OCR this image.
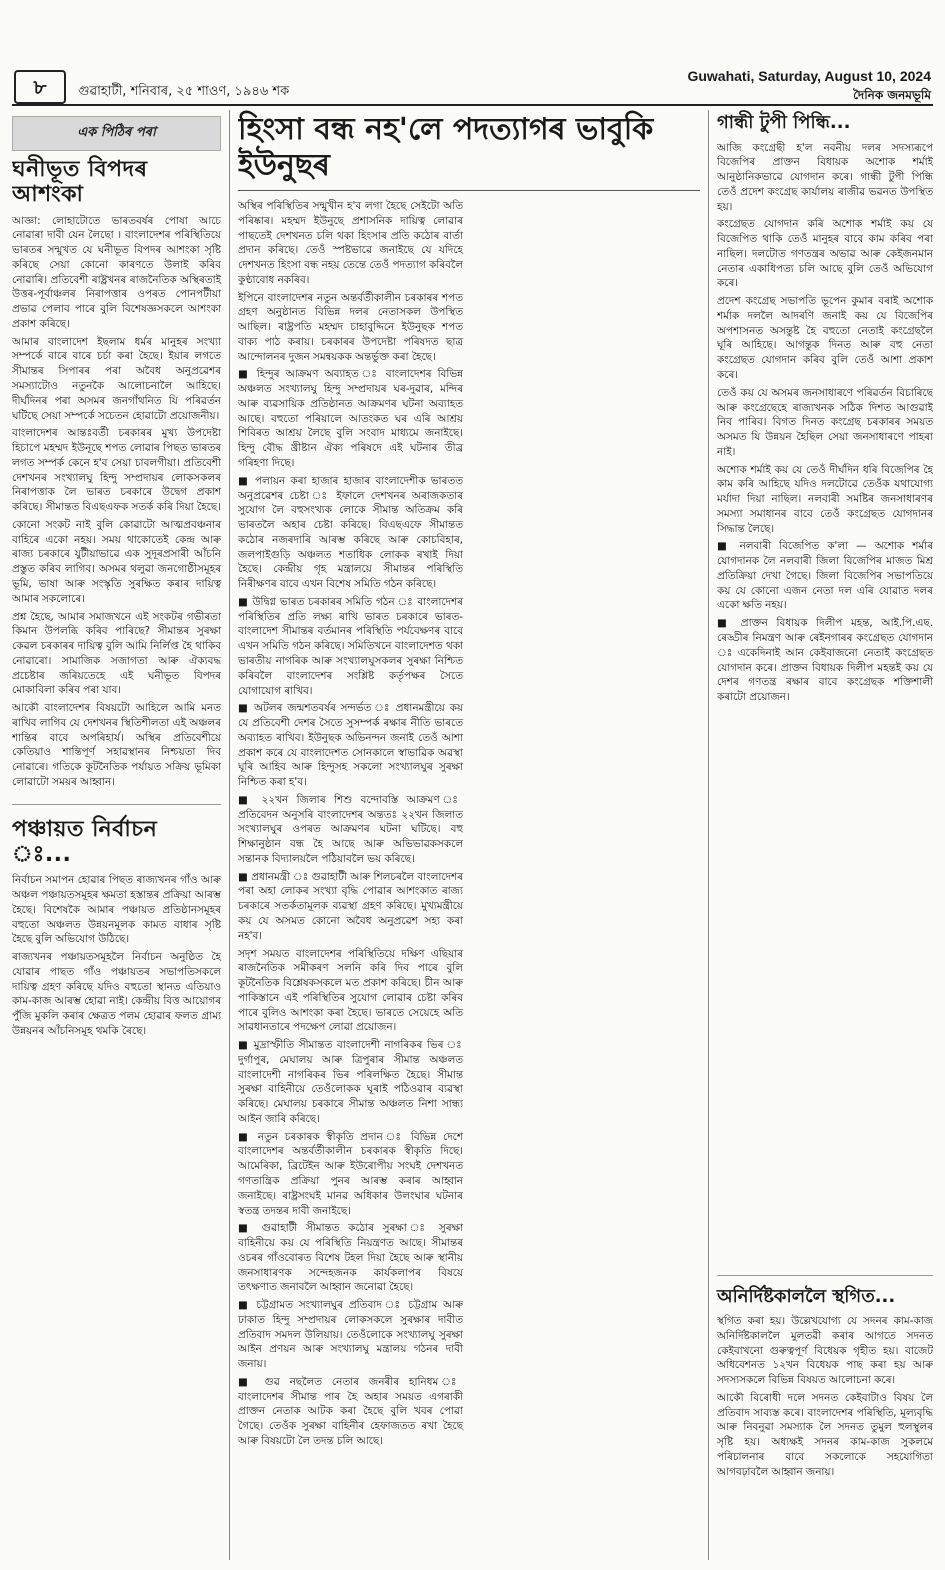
৮	গুৱাহাটী, শনিবাৰ, ২৫ শাওণ, ১৯৪৬ শক
Guwahati, Saturday, August 10, 2024
দৈনিক জনমভূমি
এক পিঠিৰ পৰা
ঘনীভূত বিপদৰ আশংকা

আজ্ঞা: লোহাটোতে ভাৰতবৰ্ষৰ পোষা আচে নোৱাৰা দাবী যেন লৈছো । বাংলাদেশৰ পৰিস্থিতিয়ে ভাৰতৰ সন্মুখত যে ঘনীভূত বিপদৰ আশংকা সৃষ্টি কৰিছে সেয়া কোনো কাৰণতে উলাই কৰিব নোৱাৰি। প্ৰতিবেশী ৰাষ্ট্ৰখনৰ ৰাজনৈতিক অস্থিৰতাই উত্তৰ-পূৰ্বাঞ্চলৰ নিৰাপত্তাৰ ওপৰত পোনপটীয়া প্ৰভাৱ পেলাব পাৰে বুলি বিশেষজ্ঞসকলে আশংকা প্ৰকাশ কৰিছে।

আমাৰ বাংলাদেশ ইছলাম ধৰ্মৰ মানুহৰ সংখ্যা সম্পৰ্কে বাৰে বাৰে চৰ্চা কৰা হৈছে। ইয়াৰ লগতে সীমান্তৰ সিপাৰৰ পৰা অবৈধ অনুপ্ৰৱেশৰ সমস্যাটোও নতুনকৈ আলোচনালৈ আহিছে। দীৰ্ঘদিনৰ পৰা অসমৰ জনগাঁথনিত যি পৰিৱৰ্তন ঘটিছে সেয়া সম্পৰ্কে সচেতন হোৱাটো প্ৰয়োজনীয়।

বাংলাদেশৰ আন্তঃবৰ্তী চৰকাৰৰ মুখ্য উপদেষ্টা হিচাপে মহম্মদ ইউনূছে শপত লোৱাৰ পিছত ভাৰতৰ লগত সম্পৰ্ক কেনে হ'ব সেয়া চাবলগীয়া। প্ৰতিবেশী দেশখনৰ সংখ্যালঘু হিন্দু সম্প্ৰদায়ৰ লোকসকলৰ নিৰাপত্তাক লৈ ভাৰত চৰকাৰে উদ্বেগ প্ৰকাশ কৰিছে। সীমান্তত বিএছএফক সতৰ্ক কৰি দিয়া হৈছে।

কোনো সংকট নাই বুলি কোৱাটো আত্মপ্ৰবঞ্চনাৰ বাহিৰে একো নহয়। সময় থাকোতেই কেন্দ্ৰ আৰু ৰাজ্য চৰকাৰে যুটীয়াভাৱে এক সুদূৰপ্ৰসাৰী আঁচনি প্ৰস্তুত কৰিব লাগিব। অসমৰ থলুৱা জনগোষ্ঠীসমূহৰ ভূমি, ভাষা আৰু সংস্কৃতি সুৰক্ষিত কৰাৰ দায়িত্ব আমাৰ সকলোৰে।

প্ৰশ্ন হৈছে, আমাৰ সমাজখনে এই সংকটৰ গভীৰতা কিমান উপলব্ধি কৰিব পাৰিছে? সীমান্তৰ সুৰক্ষা কেৱল চৰকাৰৰ দায়িত্ব বুলি আমি নিৰ্লিপ্ত হৈ থাকিব নোৱাৰো। সামাজিক সজাগতা আৰু ঐক্যবদ্ধ প্ৰচেষ্টাৰ জৰিয়তেহে এই ঘনীভূত বিপদৰ মোকাবিলা কৰিব পৰা যাব।

আকৌ বাংলাদেশৰ বিষয়টো আহিলে আমি মনত ৰাখিব লাগিব যে দেশখনৰ স্থিতিশীলতা এই অঞ্চলৰ শান্তিৰ বাবে অপৰিহাৰ্য। অস্থিৰ প্ৰতিবেশীয়ে কেতিয়াও শান্তিপূৰ্ণ সহাৱস্থানৰ নিশ্চয়তা দিব নোৱাৰে। গতিকে কূটনৈতিক পৰ্যায়ত সক্ৰিয় ভূমিকা লোৱাটো সময়ৰ আহ্বান।

পঞ্চায়ত নিৰ্বাচন ঃ...

নিৰ্বাচন সমাপন হোৱাৰ পিছত ৰাজ্যখনৰ গাঁও আৰু অঞ্চল পঞ্চায়তসমূহৰ ক্ষমতা হস্তান্তৰ প্ৰক্ৰিয়া আৰম্ভ হৈছে। বিশেষকৈ আমাৰ পঞ্চায়ত প্ৰতিষ্ঠানসমূহৰ বহুতো অঞ্চলত উন্নয়নমূলক কামত বাধাৰ সৃষ্টি হৈছে বুলি অভিযোগ উঠিছে।

ৰাজ্যখনৰ পঞ্চায়তসমূহলৈ নিৰ্বাচন অনুষ্ঠিত হৈ যোৱাৰ পাছত গাঁও পঞ্চায়তৰ সভাপতিসকলে দায়িত্ব গ্ৰহণ কৰিছে যদিও বহুতো স্থানত এতিয়াও কাম-কাজ আৰম্ভ হোৱা নাই। কেন্দ্ৰীয় বিত্ত আয়োগৰ পুঁজি মুকলি কৰাৰ ক্ষেত্ৰত পলম হোৱাৰ ফলত গ্ৰাম্য উন্নয়নৰ আঁচনিসমূহ থমকি ৰৈছে।

হিংসা বন্ধ নহ'লে পদত্যাগৰ ভাবুকি ইউনুছৰ

অস্থিৰ পৰিস্থিতিৰ সন্মুখীন হ'ব লগা হৈছে সেইটো অতি পৰিষ্কাৰ। মহম্মদ ইউনুছে প্ৰশাসনিক দায়িত্ব লোৱাৰ পাছতেই দেশখনত চলি থকা হিংসাৰ প্ৰতি কঠোৰ বাৰ্তা প্ৰদান কৰিছে। তেওঁ স্পষ্টভাৱে জনাইছে যে যদিহে দেশখনত হিংসা বন্ধ নহয় তেন্তে তেওঁ পদত্যাগ কৰিবলৈ কুণ্ঠাবোধ নকৰিব।

ইপিনে বাংলাদেশৰ নতুন অন্তৰ্বৰ্তীকালীন চৰকাৰৰ শপত গ্ৰহণ অনুষ্ঠানত বিভিন্ন দলৰ নেতাসকল উপস্থিত আছিল। ৰাষ্ট্ৰপতি মহম্মদ চাহাবুদ্দিনে ইউনুছক শপত বাক্য পাঠ কৰায়। চৰকাৰৰ উপদেষ্টা পৰিষদত ছাত্ৰ আন্দোলনৰ দুজন সমন্বয়কক অন্তৰ্ভুক্ত কৰা হৈছে।

■ হিন্দুৰ আক্ৰমণ অব্যাহত ঃ বাংলাদেশৰ বিভিন্ন অঞ্চলত সংখ্যালঘু হিন্দু সম্প্ৰদায়ৰ ঘৰ-দুৱাৰ, মন্দিৰ আৰু ব্যৱসায়িক প্ৰতিষ্ঠানত আক্ৰমণৰ ঘটনা অব্যাহত আছে। বহুতো পৰিয়ালে আতংকত ঘৰ এৰি আশ্ৰয় শিবিৰত আশ্ৰয় লৈছে বুলি সংবাদ মাধ্যমে জনাইছে। হিন্দু বৌদ্ধ খ্ৰীষ্টান ঐক্য পৰিষদে এই ঘটনাৰ তীব্ৰ গৰিহণা দিছে।

■ পলায়ন কৰা হাজাৰ হাজাৰ বাংলাদেশীক ভাৰতত অনুপ্ৰৱেশৰ চেষ্টা ঃ ইফালে দেশখনৰ অৰাজকতাৰ সুযোগ লৈ বহুসংখ্যক লোকে সীমান্ত অতিক্ৰম কৰি ভাৰতলৈ অহাৰ চেষ্টা কৰিছে। বিএছএফে সীমান্তত কঠোৰ নজৰদাৰি আৰম্ভ কৰিছে আৰু কোচবিহাৰ, জলপাইগুড়ি অঞ্চলত শতাধিক লোকক ৰখাই দিয়া হৈছে। কেন্দ্ৰীয় গৃহ মন্ত্ৰালয়ে সীমান্তৰ পৰিস্থিতি নিৰীক্ষণৰ বাবে এখন বিশেষ সমিতি গঠন কৰিছে।

■ উদ্বিগ্ন ভাৰত চৰকাৰৰ সমিতি গঠন ঃ বাংলাদেশৰ পৰিস্থিতিৰ প্ৰতি লক্ষ্য ৰাখি ভাৰত চৰকাৰে ভাৰত-বাংলাদেশ সীমান্তৰ বৰ্তমানৰ পৰিস্থিতি পৰ্যবেক্ষণৰ বাবে এখন সমিতি গঠন কৰিছে। সমিতিখনে বাংলাদেশত থকা ভাৰতীয় নাগৰিক আৰু সংখ্যালঘুসকলৰ সুৰক্ষা নিশ্চিত কৰিবলৈ বাংলাদেশৰ সংশ্লিষ্ট কৰ্তৃপক্ষৰ সৈতে যোগাযোগ ৰাখিব।

■ অটলৰ জন্মশতবৰ্ষৰ সন্দৰ্ভত ঃ প্ৰধানমন্ত্ৰীয়ে কয় যে প্ৰতিবেশী দেশৰ সৈতে সুসম্পৰ্ক ৰক্ষাৰ নীতি ভাৰতে অব্যাহত ৰাখিব। ইউনুছক অভিনন্দন জনাই তেওঁ আশা প্ৰকাশ কৰে যে বাংলাদেশত সোনকালে স্বাভাৱিক অৱস্থা ঘূৰি আহিব আৰু হিন্দুসহ সকলো সংখ্যালঘুৰ সুৰক্ষা নিশ্চিত কৰা হ'ব।

■ ২২খন জিলাৰ শিশু বন্দোবস্তি আক্ৰমণ ঃ প্ৰতিবেদন অনুসৰি বাংলাদেশৰ অন্ততঃ ২২খন জিলাত সংখ্যালঘুৰ ওপৰত আক্ৰমণৰ ঘটনা ঘটিছে। বহু শিক্ষানুষ্ঠান বন্ধ হৈ আছে আৰু অভিভাৱকসকলে সন্তানক বিদ্যালয়লৈ পঠিয়াবলৈ ভয় কৰিছে।

■ প্ৰধানমন্ত্ৰী ঃ গুৱাহাটী আৰু শিলচৰলৈ বাংলাদেশৰ পৰা অহা লোকৰ সংখ্যা বৃদ্ধি পোৱাৰ আশংকাত ৰাজ্য চৰকাৰে সতৰ্কতামূলক ব্যৱস্থা গ্ৰহণ কৰিছে। মুখ্যমন্ত্ৰীয়ে কয় যে অসমত কোনো অবৈধ অনুপ্ৰৱেশ সহ্য কৰা নহ'ব।

সদৃশ সময়ত বাংলাদেশৰ পৰিস্থিতিয়ে দক্ষিণ এছিয়াৰ ৰাজনৈতিক সমীকৰণ সলনি কৰি দিব পাৰে বুলি কূটনৈতিক বিশ্লেষকসকলে মত প্ৰকাশ কৰিছে। চীন আৰু পাকিস্তানে এই পৰিস্থিতিৰ সুযোগ লোৱাৰ চেষ্টা কৰিব পাৰে বুলিও আশংকা কৰা হৈছে। ভাৰতে সেয়েহে অতি সাৱধানতাৰে পদক্ষেপ লোৱা প্ৰয়োজন।

■ মুদ্ৰাস্ফীতি সীমান্তত বাংলাদেশী নাগৰিকৰ ভিৰ ঃ দুৰ্গাপুৰ, মেঘালয় আৰু ত্ৰিপুৰাৰ সীমান্ত অঞ্চলত বাংলাদেশী নাগৰিকৰ ভিৰ পৰিলক্ষিত হৈছে। সীমান্ত সুৰক্ষা বাহিনীয়ে তেওঁলোকক ঘূৰাই পঠিওৱাৰ ব্যৱস্থা কৰিছে। মেঘালয় চৰকাৰে সীমান্ত অঞ্চলত নিশা সান্ধ্য আইন জাৰি কৰিছে।

■ নতুন চৰকাৰক স্বীকৃতি প্ৰদান ঃ বিভিন্ন দেশে বাংলাদেশৰ অন্তৰ্বৰ্তীকালীন চৰকাৰক স্বীকৃতি দিছে। আমেৰিকা, ব্ৰিটেইন আৰু ইউৰোপীয় সংঘই দেশখনত গণতান্ত্ৰিক প্ৰক্ৰিয়া পুনৰ আৰম্ভ কৰাৰ আহ্বান জনাইছে। ৰাষ্ট্ৰসংঘই মানৱ অধিকাৰ উলংঘাৰ ঘটনাৰ স্বতন্ত্ৰ তদন্তৰ দাবী জনাইছে।

■ গুৱাহাটী সীমান্তত কঠোৰ সুৰক্ষা ঃ সুৰক্ষা বাহিনীয়ে কয় যে পৰিস্থিতি নিয়ন্ত্ৰণত আছে। সীমান্তৰ ওচৰৰ গাঁওবোৰত বিশেষ টহল দিয়া হৈছে আৰু স্থানীয় জনসাধাৰণক সন্দেহজনক কাৰ্যকলাপৰ বিষয়ে তৎক্ষণাত জনাবলৈ আহ্বান জনোৱা হৈছে।

■ চট্টগ্ৰামত সংখ্যালঘুৰ প্ৰতিবাদ ঃ চট্টগ্ৰাম আৰু ঢাকাত হিন্দু সম্প্ৰদায়ৰ লোকসকলে সুৰক্ষাৰ দাবীত প্ৰতিবাদ সমদল উলিয়ায়। তেওঁলোকে সংখ্যালঘু সুৰক্ষা আইন প্ৰণয়ন আৰু সংখ্যালঘু মন্ত্ৰালয় গঠনৰ দাবী জনায়।

■ গুৱ নছলৈত নেতাৰ জনৰীৰ হানিধম ঃ বাংলাদেশৰ সীমান্ত পাৰ হৈ অহাৰ সময়ত এগৰাকী প্ৰাক্তন নেতাক আটক কৰা হৈছে বুলি খবৰ পোৱা গৈছে। তেওঁক সুৰক্ষা বাহিনীৰ হেফাজতত ৰখা হৈছে আৰু বিষয়টো লৈ তদন্ত চলি আছে।

গান্ধী টুপী পিন্ধি...

আজি কংগ্ৰেছী হ'ল নবনীয় দলৰ সদস্যৰূপে বিজেপিৰ প্ৰাক্তন বিধায়ক অশোক শৰ্মাই আনুষ্ঠানিকভাৱে যোগদান কৰে। গান্ধী টুপী পিন্ধি তেওঁ প্ৰদেশ কংগ্ৰেছ কাৰ্যালয় ৰাজীৱ ভৱনত উপস্থিত হয়।

কংগ্ৰেছত যোগদান কৰি অশোক শৰ্মাই কয় যে বিজেপিত থাকি তেওঁ মানুহৰ বাবে কাম কৰিব পৰা নাছিল। দলটোত গণতন্ত্ৰৰ অভাৱ আৰু কেইজনমান নেতাৰ একাধিপত্য চলি আছে বুলি তেওঁ অভিযোগ কৰে।

প্ৰদেশ কংগ্ৰেছ সভাপতি ভূপেন কুমাৰ বৰাই অশোক শৰ্মাক দললৈ আদৰণি জনাই কয় যে বিজেপিৰ অপশাসনত অসন্তুষ্ট হৈ বহুতো নেতাই কংগ্ৰেছলৈ ঘূৰি আহিছে। আগন্তুক দিনত আৰু বহু নেতা কংগ্ৰেছত যোগদান কৰিব বুলি তেওঁ আশা প্ৰকাশ কৰে।

তেওঁ কয় যে অসমৰ জনসাধাৰণে পৰিৱৰ্তন বিচাৰিছে আৰু কংগ্ৰেছেহে ৰাজ্যখনক সঠিক দিশত আগুৱাই নিব পাৰিব। বিগত দিনত কংগ্ৰেছ চৰকাৰৰ সময়ত অসমত যি উন্নয়ন হৈছিল সেয়া জনসাধাৰণে পাহৰা নাই।

অশোক শৰ্মাই কয় যে তেওঁ দীৰ্ঘদিন ধৰি বিজেপিৰ হৈ কাম কৰি আহিছে যদিও দলটোৱে তেওঁক যথাযোগ্য মৰ্যাদা দিয়া নাছিল। নলবাৰী সমষ্টিৰ জনসাধাৰণৰ সমস্যা সমাধানৰ বাবে তেওঁ কংগ্ৰেছত যোগদানৰ সিদ্ধান্ত লৈছে।

■ নলবাৰী বিজেপিত ক'লা — অশোক শৰ্মাৰ যোগদানক লৈ নলবাৰী জিলা বিজেপিৰ মাজত মিশ্ৰ প্ৰতিক্ৰিয়া দেখা গৈছে। জিলা বিজেপিৰ সভাপতিয়ে কয় যে কোনো এজন নেতা দল এৰি যোৱাত দলৰ একো ক্ষতি নহয়।

■ প্ৰাক্তন বিধায়ক দিলীপ মহন্ত, আই.পি.এছ. ৰেড্ডীৰ নিমন্ত্ৰণ আৰু ৰেইনগাৰৰ কংগ্ৰেছত যোগদান ঃ একেদিনাই আন কেইবাজনো নেতাই কংগ্ৰেছত যোগদান কৰে। প্ৰাক্তন বিধায়ক দিলীপ মহন্তই কয় যে দেশৰ গণতন্ত্ৰ ৰক্ষাৰ বাবে কংগ্ৰেছক শক্তিশালী কৰাটো প্ৰয়োজন।

অনিৰ্দিষ্টকাললৈ স্থগিত...

স্থগিত কৰা হয়। উল্লেখযোগ্য যে সদনৰ কাম-কাজ অনিৰ্দিষ্টকাললৈ মুলতৱী কৰাৰ আগতে সদনত কেইবাখনো গুৰুত্বপূৰ্ণ বিধেয়ক গৃহীত হয়। বাজেট অধিবেশনত ১২খন বিধেয়ক পাছ কৰা হয় আৰু সদস্যসকলে বিভিন্ন বিষয়ত আলোচনা কৰে।

আকৌ বিৰোধী দলে সদনত কেইবাটাও বিষয় লৈ প্ৰতিবাদ সাব্যস্ত কৰে। বাংলাদেশৰ পৰিস্থিতি, মূল্যবৃদ্ধি আৰু নিবনুৱা সমস্যাক লৈ সদনত তুমুল হুলস্থুলৰ সৃষ্টি হয়। অধ্যক্ষই সদনৰ কাম-কাজ সুকলমে পৰিচালনাৰ বাবে সকলোকে সহযোগিতা আগবঢ়াবলৈ আহ্বান জনায়।
